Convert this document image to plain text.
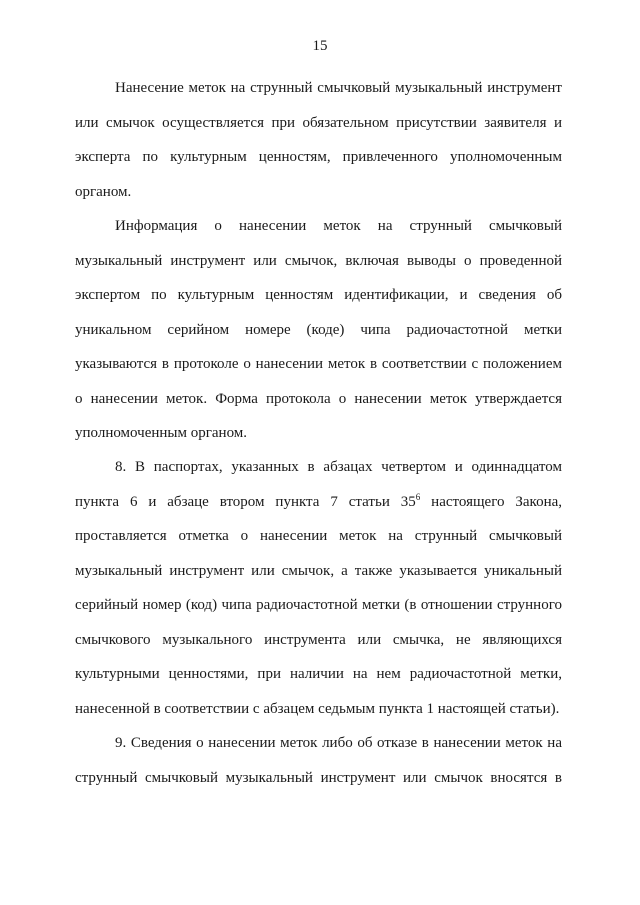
15
Нанесение меток на струнный смычковый музыкальный инструмент
или смычок осуществляется при обязательном присутствии заявителя и
эксперта по культурным ценностям, привлеченного уполномоченным
органом.
Информация о нанесении меток на струнный смычковый
музыкальный инструмент или смычок, включая выводы о проведенной
экспертом по культурным ценностям идентификации, и сведения об
уникальном серийном номере (коде) чипа радиочастотной метки
указываются в протоколе о нанесении меток в соответствии с положением
о нанесении меток. Форма протокола о нанесении меток утверждается
уполномоченным органом.
8. В паспортах, указанных в абзацах четвертом и одиннадцатом
пункта 6 и абзаце втором пункта 7 статьи $35^6$ настоящего Закона,
проставляется отметка о нанесении меток на струнный смычковый
музыкальный инструмент или смычок, а также указывается уникальный
серийный номер (код) чипа радиочастотной метки (в отношении струнного
смычкового музыкального инструмента или смычка, не являющихся
культурными ценностями, при наличии на нем радиочастотной метки,
нанесенной в соответствии с абзацем седьмым пункта 1 настоящей статьи).
9. Сведения о нанесении меток либо об отказе в нанесении меток на
струнный смычковый музыкальный инструмент или смычок вносятся в
